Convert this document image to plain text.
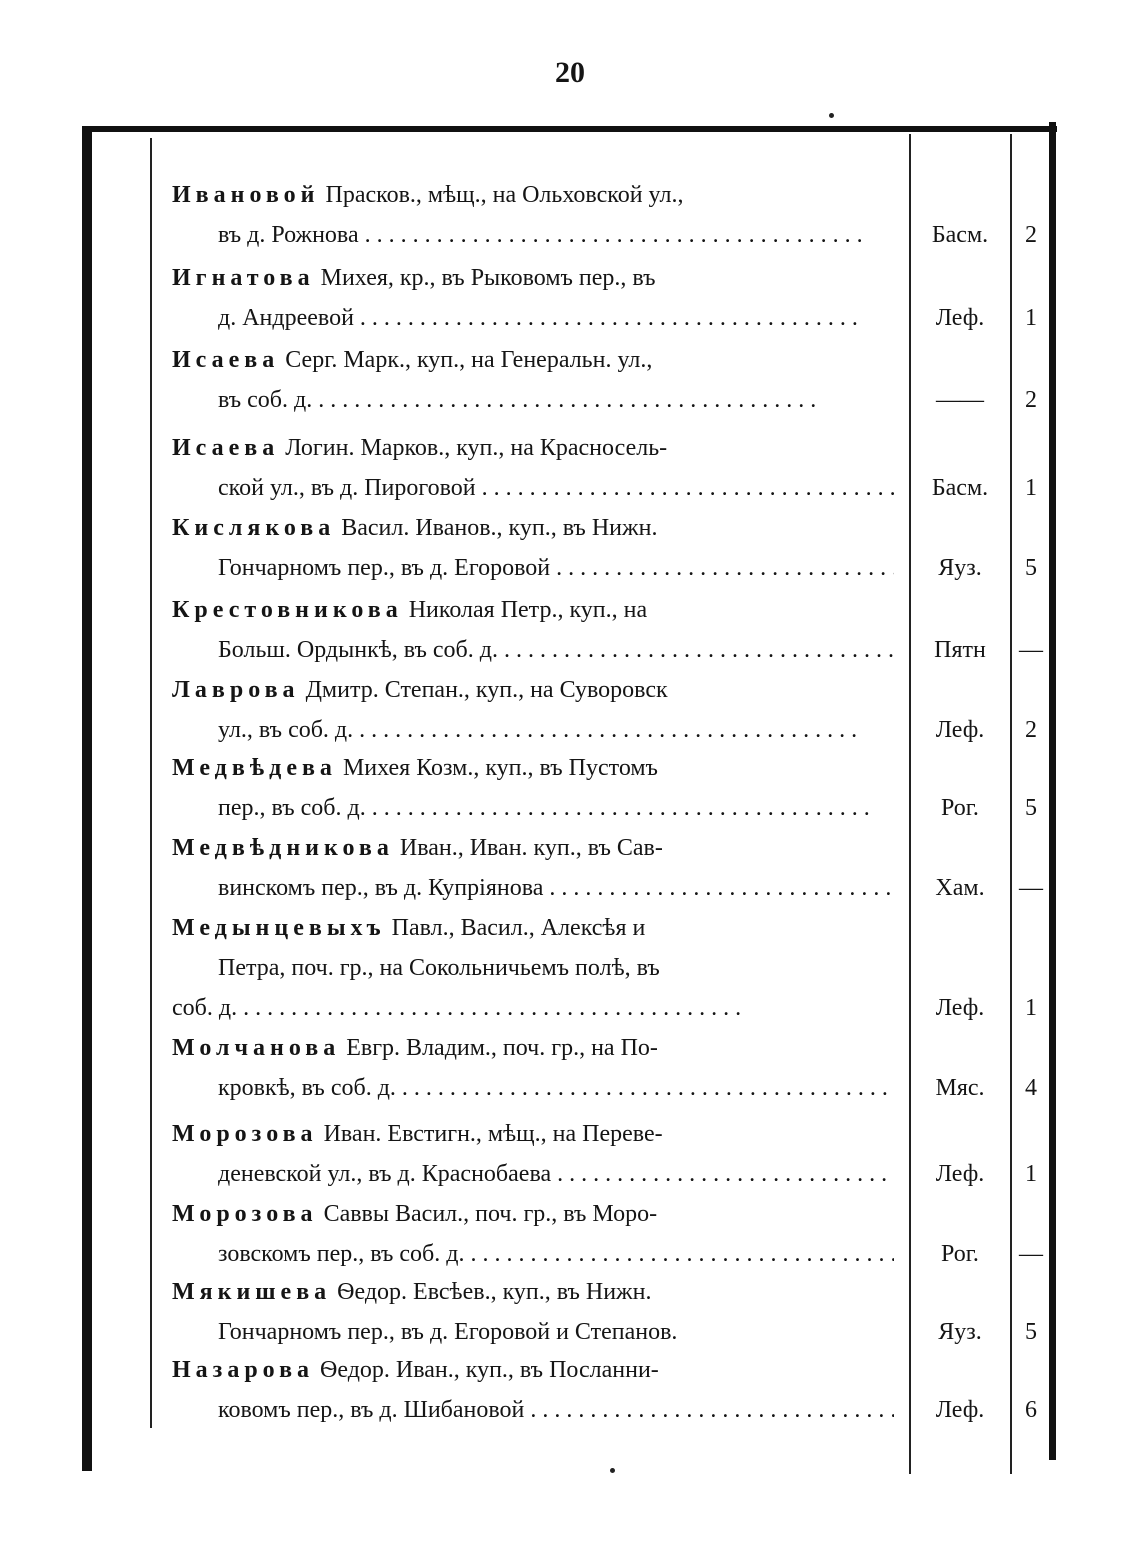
20
Ивановой Прасков., мѣщ., на Ольховской ул.,
въ д. Рожнова . . .	Басм.	2
Игнатова Михея, кр., въ Рыковомъ пер., въ
д. Андреевой . . .	Леф.	1
Исаева Серг. Марк., куп., на Генеральн. ул.,
въ соб. д. . . .	——	2
Исаева Логин. Марков., куп., на Красносель-
ской ул., въ д. Пироговой . . .	Басм.	1
Кислякова Васил. Иванов., куп., въ Нижн.
Гончарномъ пер., въ д. Егоровой . . .	Яуз.	5
Крестовникова Николая Петр., куп., на
Больш. Ордынкѣ, въ соб. д. . . .	Пятн	—
Лаврова Дмитр. Степан., куп., на Суворовск
ул., въ соб. д. . . .	Леф.	2
Медвѣдева Михея Козм., куп., въ Пустомъ
пер., въ соб. д. . . .	Рог.	5
Медвѣдникова Иван., Иван. куп., въ Сав-
винскомъ пер., въ д. Купріянова . . .	Хам.	—
Медынцевыхъ Павл., Васил., Алексѣя и
Петра, поч. гр., на Сокольничьемъ полѣ, въ
соб. д. . . .	Леф.	1
Молчанова Евгр. Владим., поч. гр., на По-
кровкѣ, въ соб. д. . . .	Мяс.	4
Морозова Иван. Евстигн., мѣщ., на Переве-
деневской ул., въ д. Краснобаева . . .	Леф.	1
Морозова Саввы Васил., поч. гр., въ Моро-
зовскомъ пер., въ соб. д. . . .	Рог.	—
Мякишева Ѳедор. Евсѣев., куп., въ Нижн.
Гончарномъ пер., въ д. Егоровой и Степанов.	Яуз.	5
Назарова Ѳедор. Иван., куп., въ Посланни-
ковомъ пер., въ д. Шибановой . . .	Леф.	6
